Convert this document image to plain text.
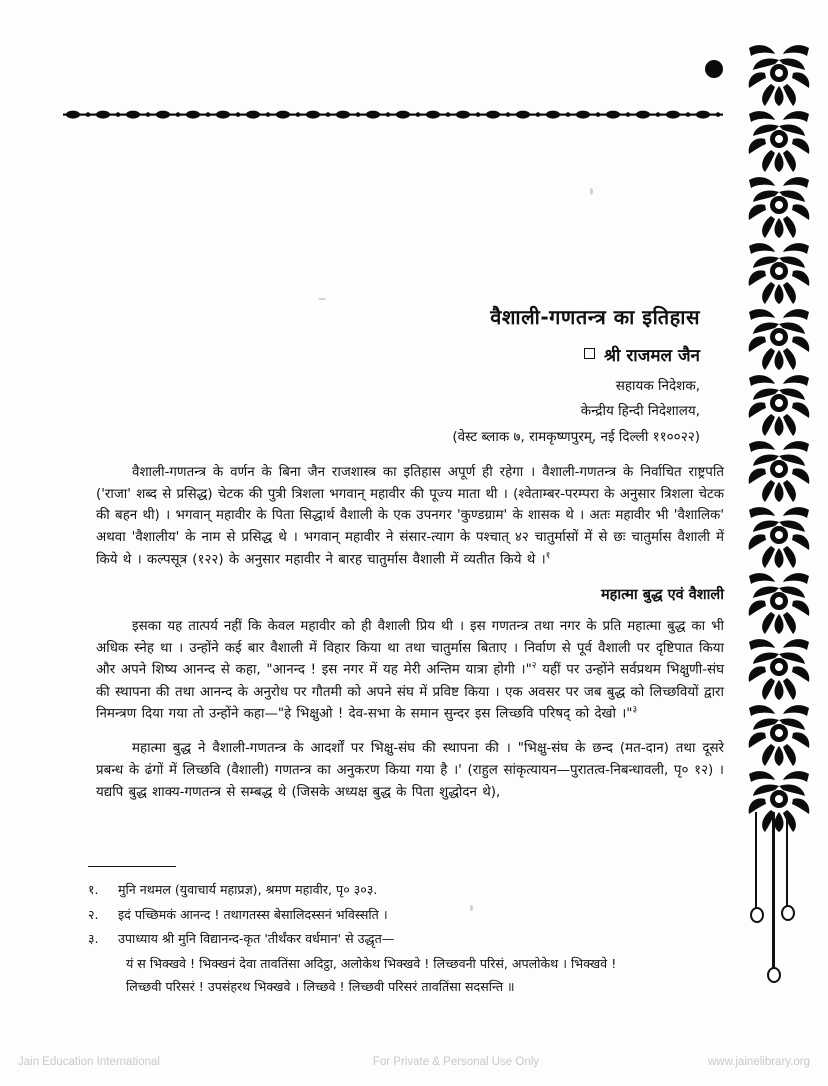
वैशाली-गणतन्त्र का इतिहास
श्री राजमल जैन
सहायक निदेशक,
केन्द्रीय हिन्दी निदेशालय,
(वेस्ट ब्लाक ७, रामकृष्णपुरम्, नई दिल्ली ११००२२)

वैशाली-गणतन्त्र के वर्णन के बिना जैन राजशास्त्र का इतिहास अपूर्ण ही रहेगा । वैशाली-गणतन्त्र के निर्वाचित राष्ट्रपति ('राजा' शब्द से प्रसिद्ध) चेटक की पुत्री त्रिशला भगवान् महावीर की पूज्य माता थी । (श्वेताम्बर-परम्परा के अनुसार त्रिशला चेटक की बहन थी) । भगवान् महावीर के पिता सिद्धार्थ वैशाली के एक उपनगर 'कुण्डग्राम' के शासक थे । अतः महावीर भी 'वैशालिक' अथवा 'वैशालीय' के नाम से प्रसिद्ध थे । भगवान् महावीर ने संसार-त्याग के पश्चात् ४२ चातुर्मासों में से छः चातुर्मास वैशाली में किये थे । कल्पसूत्र (१२२) के अनुसार महावीर ने बारह चातुर्मास वैशाली में व्यतीत किये थे ।$^१$

महात्मा बुद्ध एवं वैशाली

इसका यह तात्पर्य नहीं कि केवल महावीर को ही वैशाली प्रिय थी । इस गणतन्त्र तथा नगर के प्रति महात्मा बुद्ध का भी अधिक स्नेह था । उन्होंने कई बार वैशाली में विहार किया था तथा चातुर्मास बिताए । निर्वाण से पूर्व वैशाली पर दृष्टिपात किया और अपने शिष्य आनन्द से कहा, "आनन्द ! इस नगर में यह मेरी अन्तिम यात्रा होगी ।"$^२$ यहीं पर उन्होंने सर्वप्रथम भिक्षुणी-संघ की स्थापना की तथा आनन्द के अनुरोध पर गौतमी को अपने संघ में प्रविष्ट किया । एक अवसर पर जब बुद्ध को लिच्छवियों द्वारा निमन्त्रण दिया गया तो उन्होंने कहा—"हे भिक्षुओ ! देव-सभा के समान सुन्दर इस लिच्छवि परिषद् को देखो ।"$^३$

महात्मा बुद्ध ने वैशाली-गणतन्त्र के आदर्शों पर भिक्षु-संघ की स्थापना की । "भिक्षु-संघ के छन्द (मत-दान) तथा दूसरे प्रबन्ध के ढंगों में लिच्छवि (वैशाली) गणतन्त्र का अनुकरण किया गया है ।' (राहुल सांकृत्यायन—पुरातत्व-निबन्धावली, पृ० १२) । यद्यपि बुद्ध शाक्य-गणतन्त्र से सम्बद्ध थे (जिसके अध्यक्ष बुद्ध के पिता शुद्धोदन थे),

१.	मुनि नथमल (युवाचार्य महाप्रज्ञ), श्रमण महावीर, पृ० ३०३.
२.	इदं पच्छिमकं आनन्द ! तथागतस्स बेसालिदस्सनं भविस्सति ।
३.	उपाध्याय श्री मुनि विद्यानन्द-कृत 'तीर्थंकर वर्धमान' से उद्धृत—
यं स भिक्खवे ! भिक्खनं देवा तावतिंसा अदिट्ठा, अलोकेथ भिक्खवे ! लिच्छवनी परिसं, अपलोकेथ । भिक्खवे !
लिच्छवी परिसरं ! उपसंहरथ भिक्खवे । लिच्छवे ! लिच्छवी परिसरं तावतिंसा सदसन्ति ॥
Jain Education International	For Private & Personal Use Only	www.jainelibrary.org
